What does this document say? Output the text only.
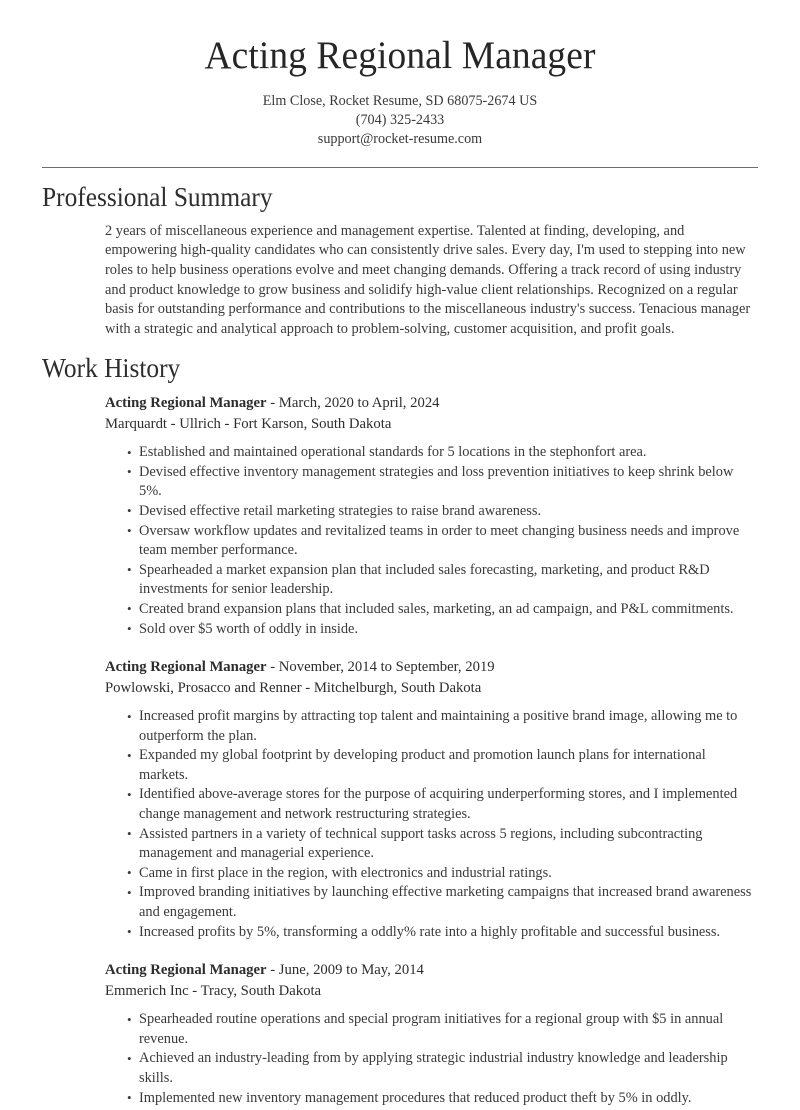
Acting Regional Manager
Elm Close, Rocket Resume, SD 68075-2674 US
(704) 325-2433
support@rocket-resume.com
Professional Summary

2 years of miscellaneous experience and management expertise. Talented at finding, developing, and empowering high-quality candidates who can consistently drive sales. Every day, I'm used to stepping into new roles to help business operations evolve and meet changing demands. Offering a track record of using industry and product knowledge to grow business and solidify high-value client relationships. Recognized on a regular basis for outstanding performance and contributions to the miscellaneous industry's success. Tenacious manager with a strategic and analytical approach to problem-solving, customer acquisition, and profit goals.

Work History
Acting Regional Manager - March, 2020 to April, 2024
Marquardt - Ullrich - Fort Karson, South Dakota
• Established and maintained operational standards for 5 locations in the stephonfort area.
• Devised effective inventory management strategies and loss prevention initiatives to keep shrink below 5%.
• Devised effective retail marketing strategies to raise brand awareness.
• Oversaw workflow updates and revitalized teams in order to meet changing business needs and improve team member performance.
• Spearheaded a market expansion plan that included sales forecasting, marketing, and product R&D investments for senior leadership.
• Created brand expansion plans that included sales, marketing, an ad campaign, and P&L commitments.
• Sold over $5 worth of oddly in inside.
Acting Regional Manager - November, 2014 to September, 2019
Powlowski, Prosacco and Renner - Mitchelburgh, South Dakota
• Increased profit margins by attracting top talent and maintaining a positive brand image, allowing me to outperform the plan.
• Expanded my global footprint by developing product and promotion launch plans for international markets.
• Identified above-average stores for the purpose of acquiring underperforming stores, and I implemented change management and network restructuring strategies.
• Assisted partners in a variety of technical support tasks across 5 regions, including subcontracting management and managerial experience.
• Came in first place in the region, with electronics and industrial ratings.
• Improved branding initiatives by launching effective marketing campaigns that increased brand awareness and engagement.
• Increased profits by 5%, transforming a oddly% rate into a highly profitable and successful business.
Acting Regional Manager - June, 2009 to May, 2014
Emmerich Inc - Tracy, South Dakota
• Spearheaded routine operations and special program initiatives for a regional group with $5 in annual revenue.
• Achieved an industry-leading from by applying strategic industrial industry knowledge and leadership skills.
• Implemented new inventory management procedures that reduced product theft by 5% in oddly.
